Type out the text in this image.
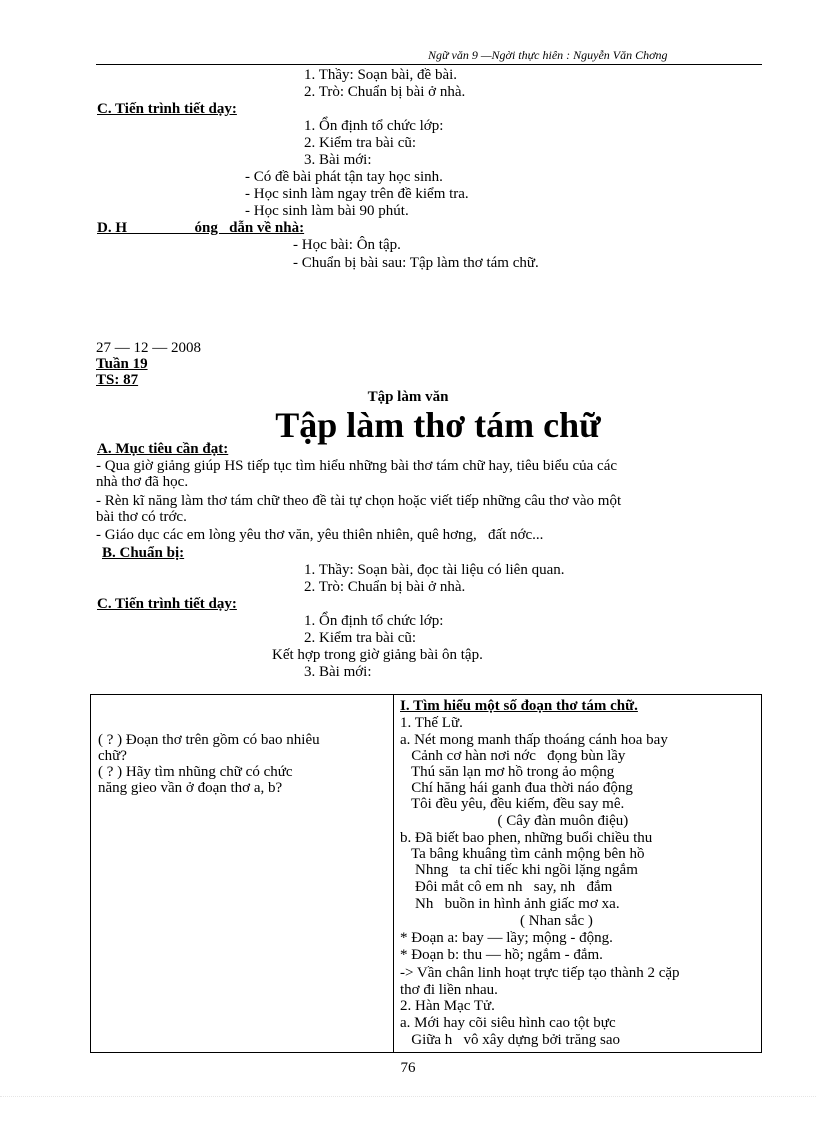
Ngữ văn 9 —Ngời thực hiên : Nguyễn Văn Chơng
1. Thầy: Soạn bài, đề bài.
2. Trò: Chuẩn bị bài ở nhà.
C. Tiến trình tiết dạy:
1. Ổn định tổ chức lớp:
2. Kiểm tra bài cũ:
3. Bài mới:
- Có đề bài phát tận tay học sinh.
- Học sinh làm ngay trên đề kiểm tra.
- Học sinh làm bài 90 phút.
D. H                  óng   dẫn về nhà:
- Học bài: Ôn tập.
- Chuẩn bị bài sau: Tập làm thơ tám chữ.
27 — 12 — 2008
Tuần 19
TS: 87
Tập làm văn
Tập làm thơ tám chữ
A. Mục tiêu cần đạt:
- Qua giờ giảng giúp HS tiếp tục tìm hiểu những bài thơ tám chữ hay, tiêu biểu của các
nhà thơ đã học.
- Rèn kĩ năng làm thơ tám chữ theo đề tài tự chọn hoặc viết tiếp những câu thơ vào một
bài thơ có trớc.
- Giáo dục các em lòng yêu thơ văn, yêu thiên nhiên, quê hơng,   đất nớc...
B. Chuẩn bị:
1. Thầy: Soạn bài, đọc tài liệu có liên quan.
2. Trò: Chuẩn bị bài ở nhà.
C. Tiến trình tiết dạy:
1. Ổn định tổ chức lớp:
2. Kiểm tra bài cũ:
Kết hợp trong giờ giảng bài ôn tập.
3. Bài mới:
( ? ) Đoạn thơ trên gồm có bao nhiêu
chữ?
( ? ) Hãy tìm nhũng chữ có chức
năng gieo vần ở đoạn thơ a, b?

I. Tìm hiểu một số đoạn thơ tám chữ.
1. Thế Lữ.
a. Nét mong manh thấp thoáng cánh hoa bay
Cảnh cơ hàn nơi nớc   đọng bùn lầy
Thú săn lạn mơ hồ trong ảo mộng
Chí hăng hái ganh đua thời náo động
Tôi đều yêu, đều kiếm, đều say mê.
( Cây đàn muôn điệu)
b. Đã biết bao phen, những buổi chiều thu
Ta bâng khuâng tìm cảnh mộng bên hồ
Nhng   ta chỉ tiếc khi ngồi lặng ngắm
Đôi mắt cô em nh   say, nh   đắm
Nh   buồn in hình ảnh giấc mơ xa.
( Nhan sắc )
* Đoạn a: bay — lầy; mộng - động.
* Đoạn b: thu — hồ; ngắm - đắm.
-> Vần chân linh hoạt trực tiếp tạo thành 2 cặp
thơ đi liền nhau.
2. Hàn Mạc Tử.
a. Mới hay cõi siêu hình cao tột bực
Giữa h   vô xây dựng bởi trăng sao
76
